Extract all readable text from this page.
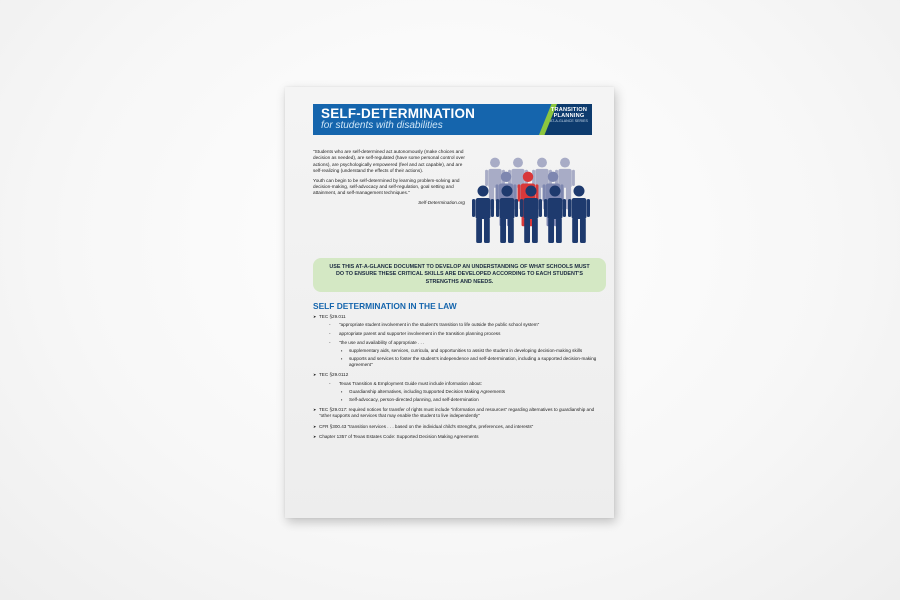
SELF-DETERMINATION
for students with disabilities
TRANSITION
PLANNING
AT-A-GLANCE SERIES

"Students who are self-determined act autonomously (make choices and decision as needed), are self-regulated (have some personal control over actions), are psychologically empowered (feel and act capable), and are self-realizing (understand the effects of their actions).

Youth can begin to be self-determined by learning problem-solving and decision-making, self-advocacy and self-regulation, goal setting and attainment, and self-management techniques."

Self-Determination.org

USE THIS AT-A-GLANCE DOCUMENT TO DEVELOP AN UNDERSTANDING OF WHAT SCHOOLS MUST DO TO ENSURE THESE CRITICAL SKILLS ARE DEVELOPED ACCORDING TO EACH STUDENT'S STRENGTHS AND NEEDS.
SELF DETERMINATION IN THE LAW
➤ TEC §29.011
- "appropriate student involvement in the student's transition to life outside the public school system"
- appropriate parent and supporter involvement in the transition planning process
- "the use and availability of appropriate . . .
▪ supplementary aids, services, curricula, and opportunities to assist the student in developing decision-making skills
▪ supports and services to foster the student's independence and self-determination, including a supported decision-making agreement"
➤ TEC §29.0112
- Texas Transition & Employment Guide must include information about:
▪ Guardianship alternatives, including Supported Decision Making Agreements
▪ Self-advocacy, person-directed planning, and self-determination
➤ TEC §29.017: required notices for transfer of rights must include "information and resources" regarding alternatives to guardianship and "other supports and services that may enable the student to live independently"
➤ CFR §300.43 "transition services . . . based on the individual child's strengths, preferences, and interests"
➤ Chapter 1357 of Texas Estates Code: Supported Decision Making Agreements
